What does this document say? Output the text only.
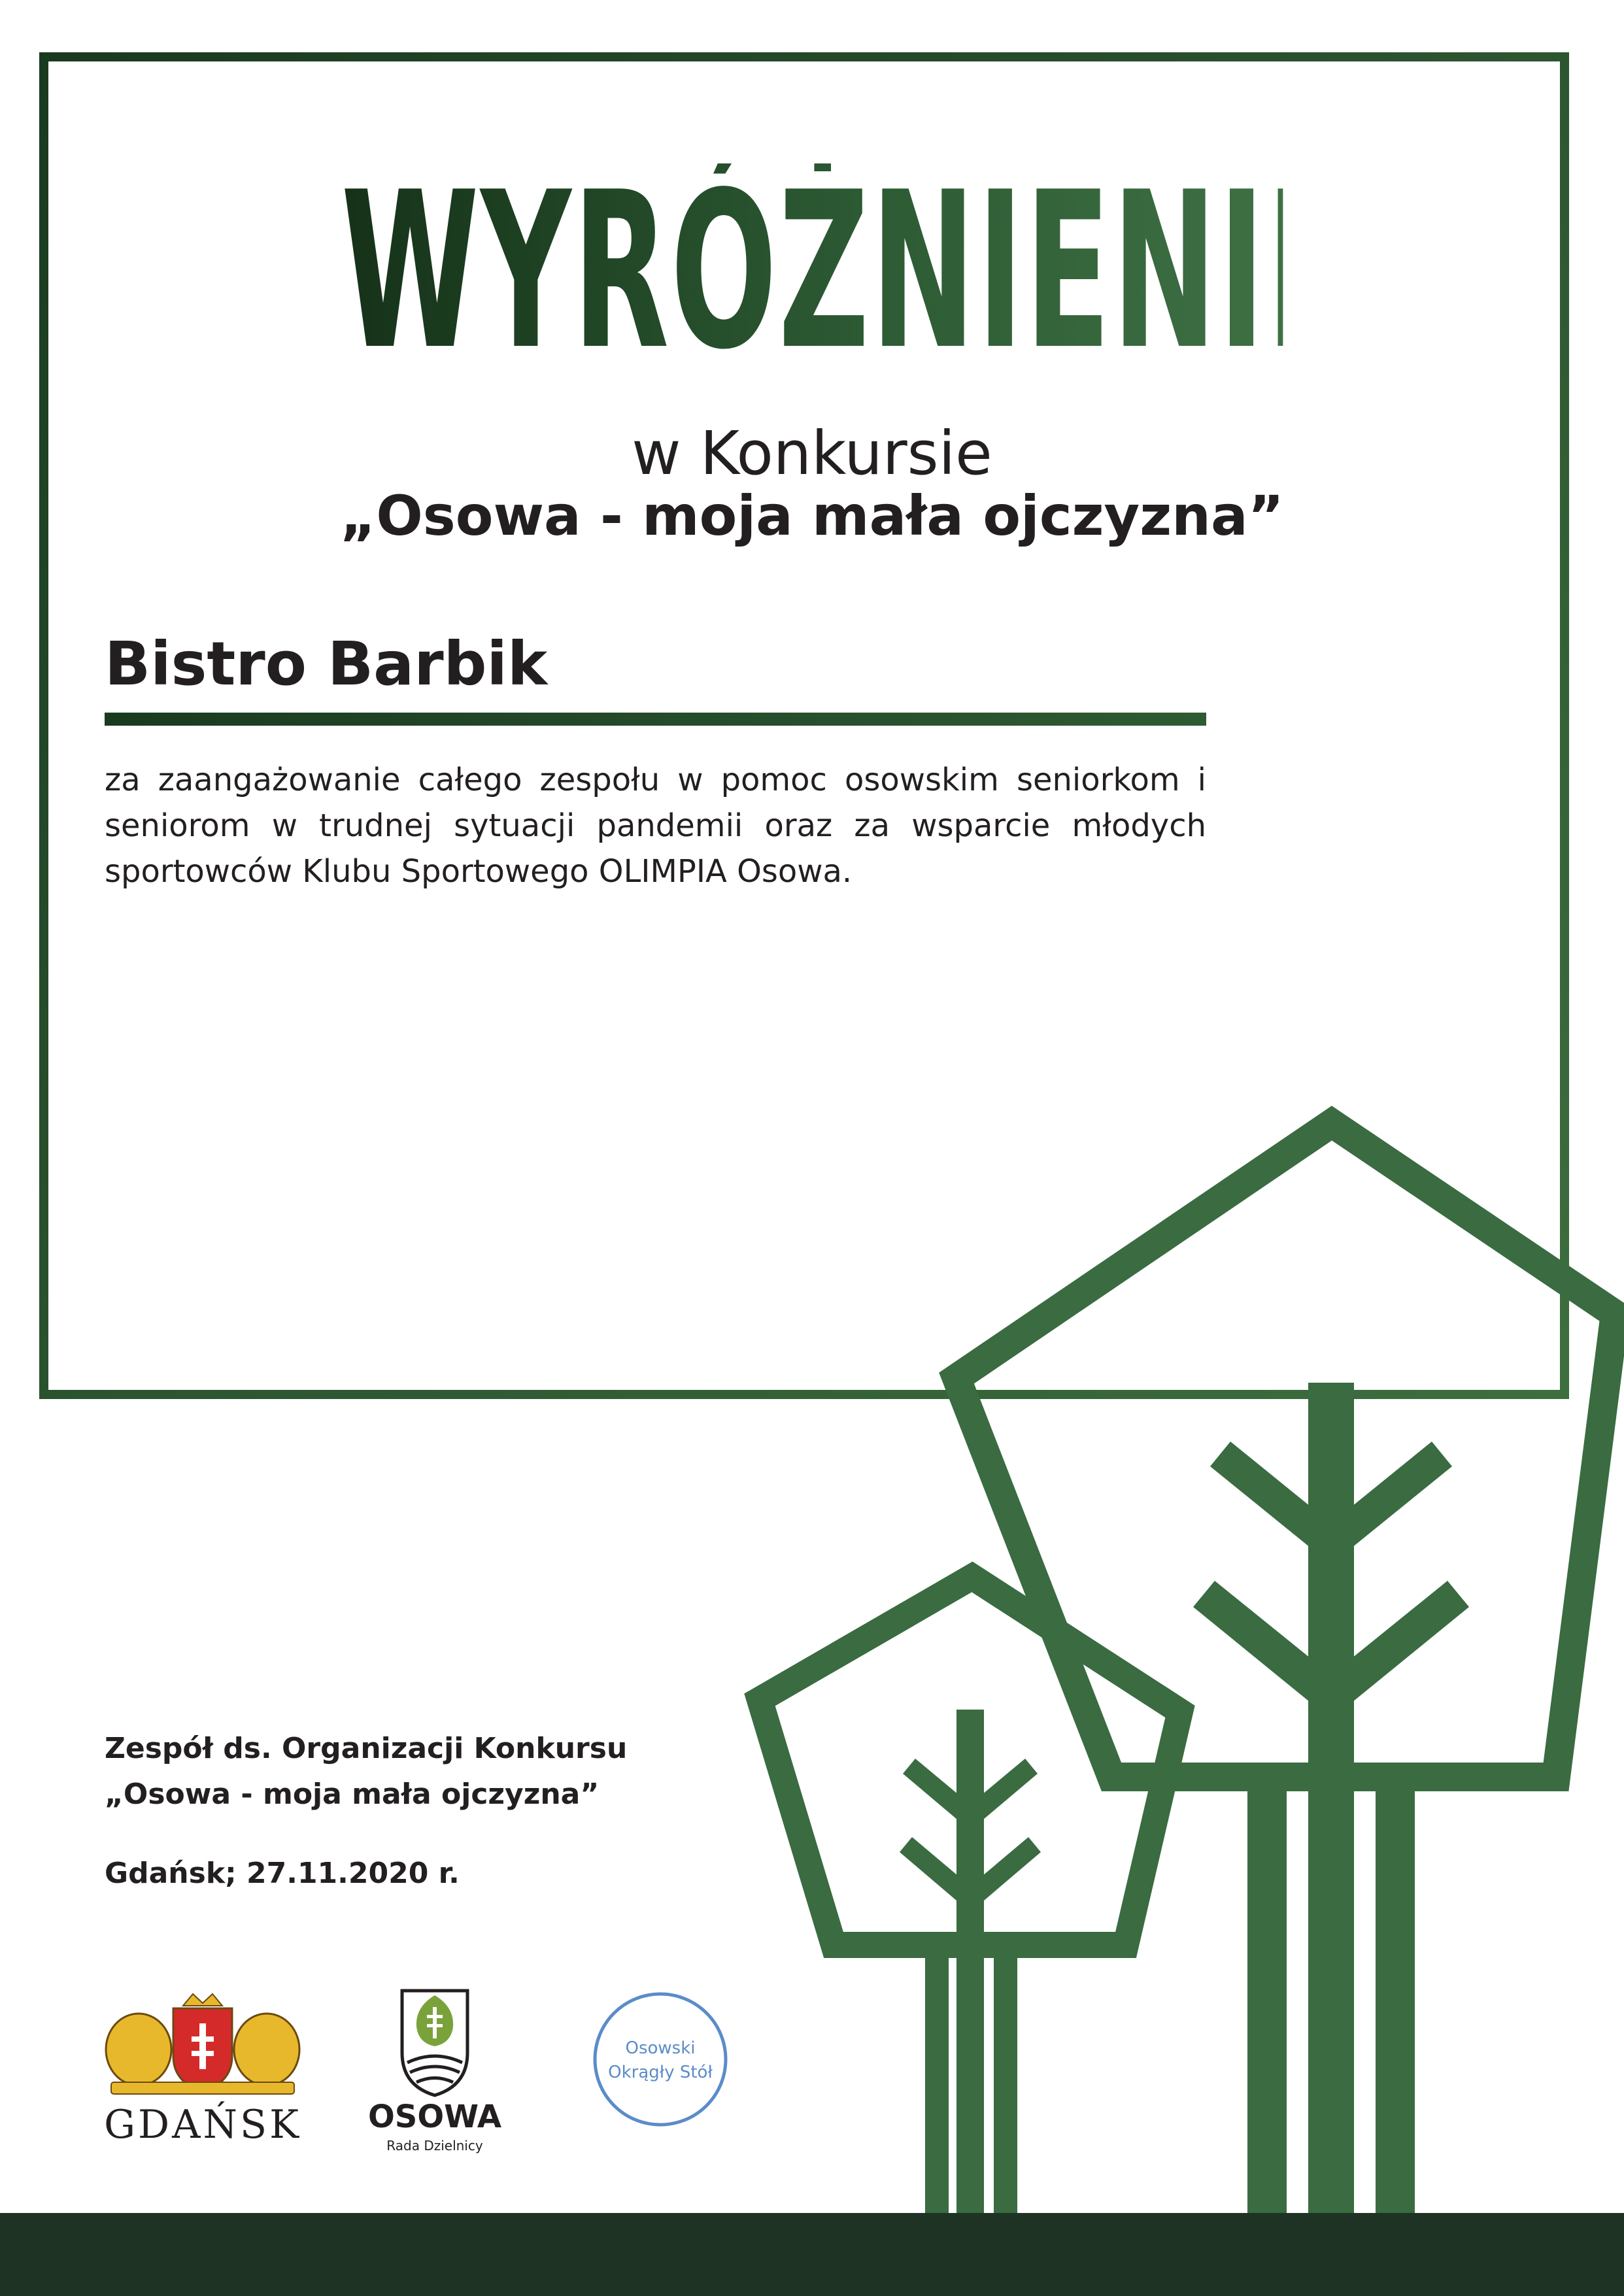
WYRÓŻNIENIE
w Konkursie
„Osowa - moja mała ojczyzna”
Bistro Barbik
za zaangażowanie całego zespołu w pomoc osowskim seniorkom i seniorom w trudnej sytuacji pandemii oraz za wsparcie młodych sportowców Klubu Sportowego OLIMPIA Osowa.
Zespół ds. Organizacji Konkursu
„Osowa - moja mała ojczyzna”
Gdańsk; 27.11.2020 r.
GDAŃSK	OSOWA
Rada Dzielnicy
Osowski
Okrągły Stół
